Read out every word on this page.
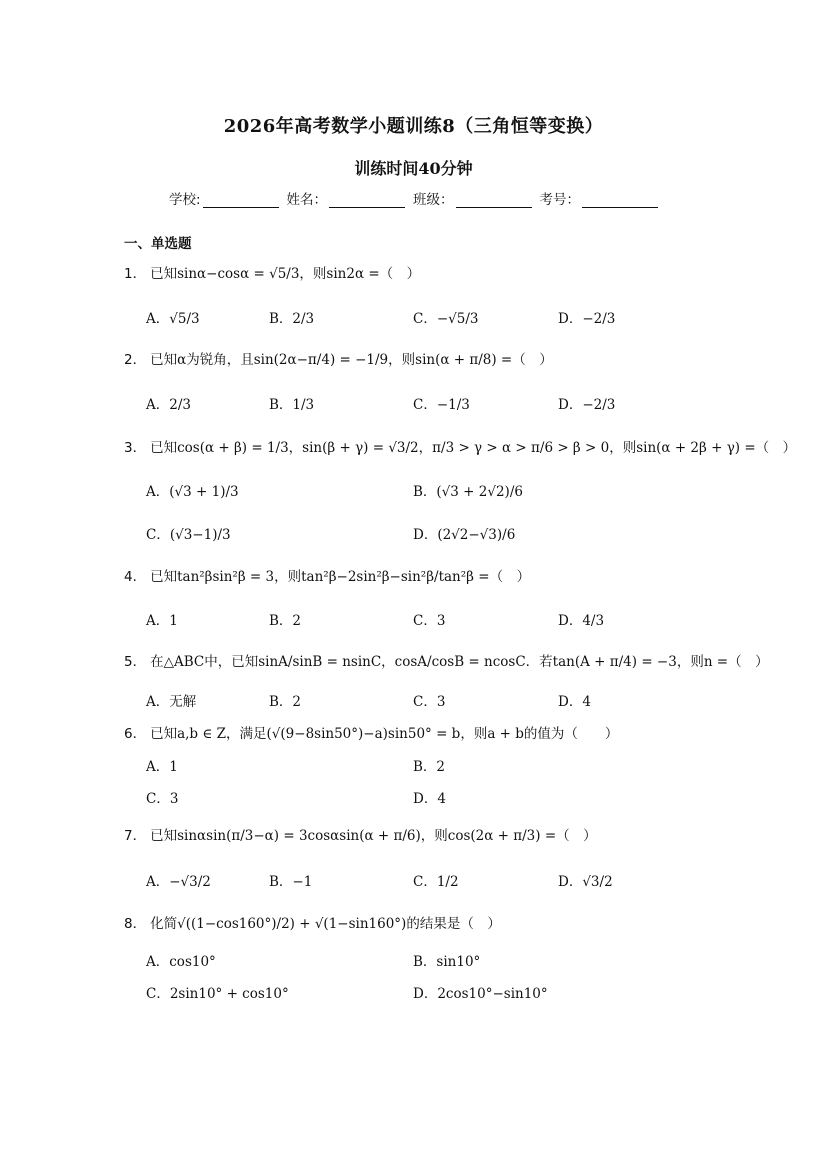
2026年高考数学小题训练8（三角恒等变换）
训练时间40分钟
学校:	姓名：	班级：	考号：
一、单选题
1． 已知sinα−cosα = √5/3，则sin2α =（　）
A．√5/3	B．2/3	C．−√5/3	D．−2/3
2． 已知α为锐角，且sin(2α−π/4) = −1/9，则sin(α + π/8) =（　）
A．2/3	B．1/3	C．−1/3	D．−2/3
3． 已知cos(α + β) = 1/3，sin(β + γ) = √3/2，π/3 > γ > α > π/6 > β > 0，则sin(α + 2β + γ) =（　）
A．(√3 + 1)/3	B．(√3 + 2√2)/6
C．(√3−1)/3	D．(2√2−√3)/6
4． 已知tan²βsin²β = 3，则tan²β−2sin²β−sin²β/tan²β =（　）
A．1	B．2	C．3	D．4/3
5． 在△ABC中，已知sinA/sinB = nsinC，cosA/cosB = ncosC．若tan(A + π/4) = −3，则n =（　）
A．无解	B．2	C．3	D．4
6． 已知a,b ∈ Z，满足(√(9−8sin50°)−a)sin50° = b，则a + b的值为（　　）
A．1	B．2
C．3	D．4
7． 已知sinαsin(π/3−α) = 3cosαsin(α + π/6)，则cos(2α + π/3) =（　）
A．−√3/2	B．−1	C．1/2	D．√3/2
8． 化简√((1−cos160°)/2) + √(1−sin160°)的结果是（　）
A．cos10°	B．sin10°
C．2sin10° + cos10°	D．2cos10°−sin10°
